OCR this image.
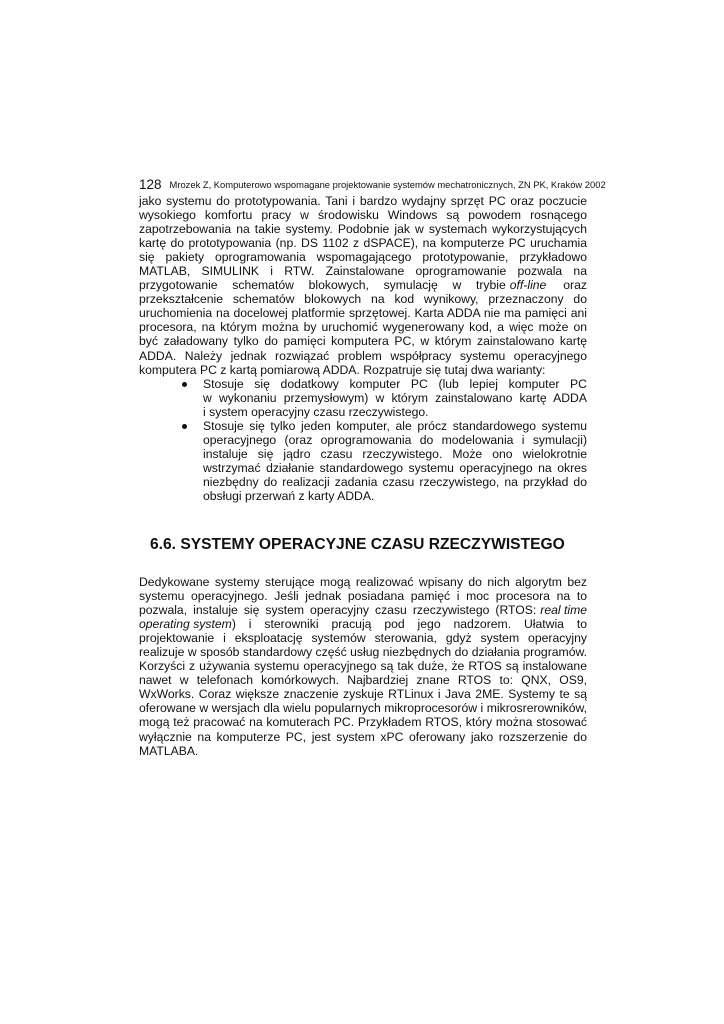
128 Mrozek Z, Komputerowo wspomagane projektowanie systemów mechatronicznych, ZN PK, Kraków 2002

jako systemu do prototypowania. Tani i bardzo wydajny sprzęt PC oraz poczucie
wysokiego komfortu pracy w środowisku Windows są powodem rosnącego
zapotrzebowania na takie systemy. Podobnie jak w systemach wykorzystujących
kartę do prototypowania (np. DS 1102 z dSPACE), na komputerze PC uruchamia
się pakiety oprogramowania wspomagającego prototypowanie, przykładowo
MATLAB, SIMULINK i RTW. Zainstalowane oprogramowanie pozwala na
przygotowanie schematów blokowych, symulację w trybie off-line oraz
przekształcenie schematów blokowych na kod wynikowy, przeznaczony do
uruchomienia na docelowej platformie sprzętowej. Karta ADDA nie ma pamięci ani
procesora, na którym można by uruchomić wygenerowany kod, a więc może on
być załadowany tylko do pamięci komputera PC, w którym zainstalowano kartę
ADDA. Należy jednak rozwiązać problem współpracy systemu operacyjnego
komputera PC z kartą pomiarową ADDA. Rozpatruje się tutaj dwa warianty:

Stosuje się dodatkowy komputer PC (lub lepiej komputer PC
w wykonaniu przemysłowym) w którym zainstalowano kartę ADDA
i system operacyjny czasu rzeczywistego.

Stosuje się tylko jeden komputer, ale prócz standardowego systemu
operacyjnego (oraz oprogramowania do modelowania i symulacji)
instaluje się jądro czasu rzeczywistego. Może ono wielokrotnie
wstrzymać działanie standardowego systemu operacyjnego na okres
niezbędny do realizacji zadania czasu rzeczywistego, na przykład do
obsługi przerwań z karty ADDA.

6.6. SYSTEMY OPERACYJNE CZASU RZECZYWISTEGO

Dedykowane systemy sterujące mogą realizować wpisany do nich algorytm bez
systemu operacyjnego. Jeśli jednak posiadana pamięć i moc procesora na to
pozwala, instaluje się system operacyjny czasu rzeczywistego (RTOS: real time
operating system ) i sterowniki pracują pod jego nadzorem. Ułatwia to
projektowanie i eksploatację systemów sterowania, gdyż system operacyjny
realizuje w sposób standardowy część usług niezbędnych do działania programów.
Korzyści z używania systemu operacyjnego są tak duże, że RTOS są instalowane
nawet w telefonach komórkowych. Najbardziej znane RTOS to: QNX, OS9,
WxWorks. Coraz większe znaczenie zyskuje RTLinux i Java 2ME. Systemy te są
oferowane w wersjach dla wielu popularnych mikroprocesorów i mikrosrerowników,
mogą też pracować na komuterach PC. Przykładem RTOS, który można stosować
wyłącznie na komputerze PC, jest system xPC oferowany jako rozszerzenie do
MATLABA.
